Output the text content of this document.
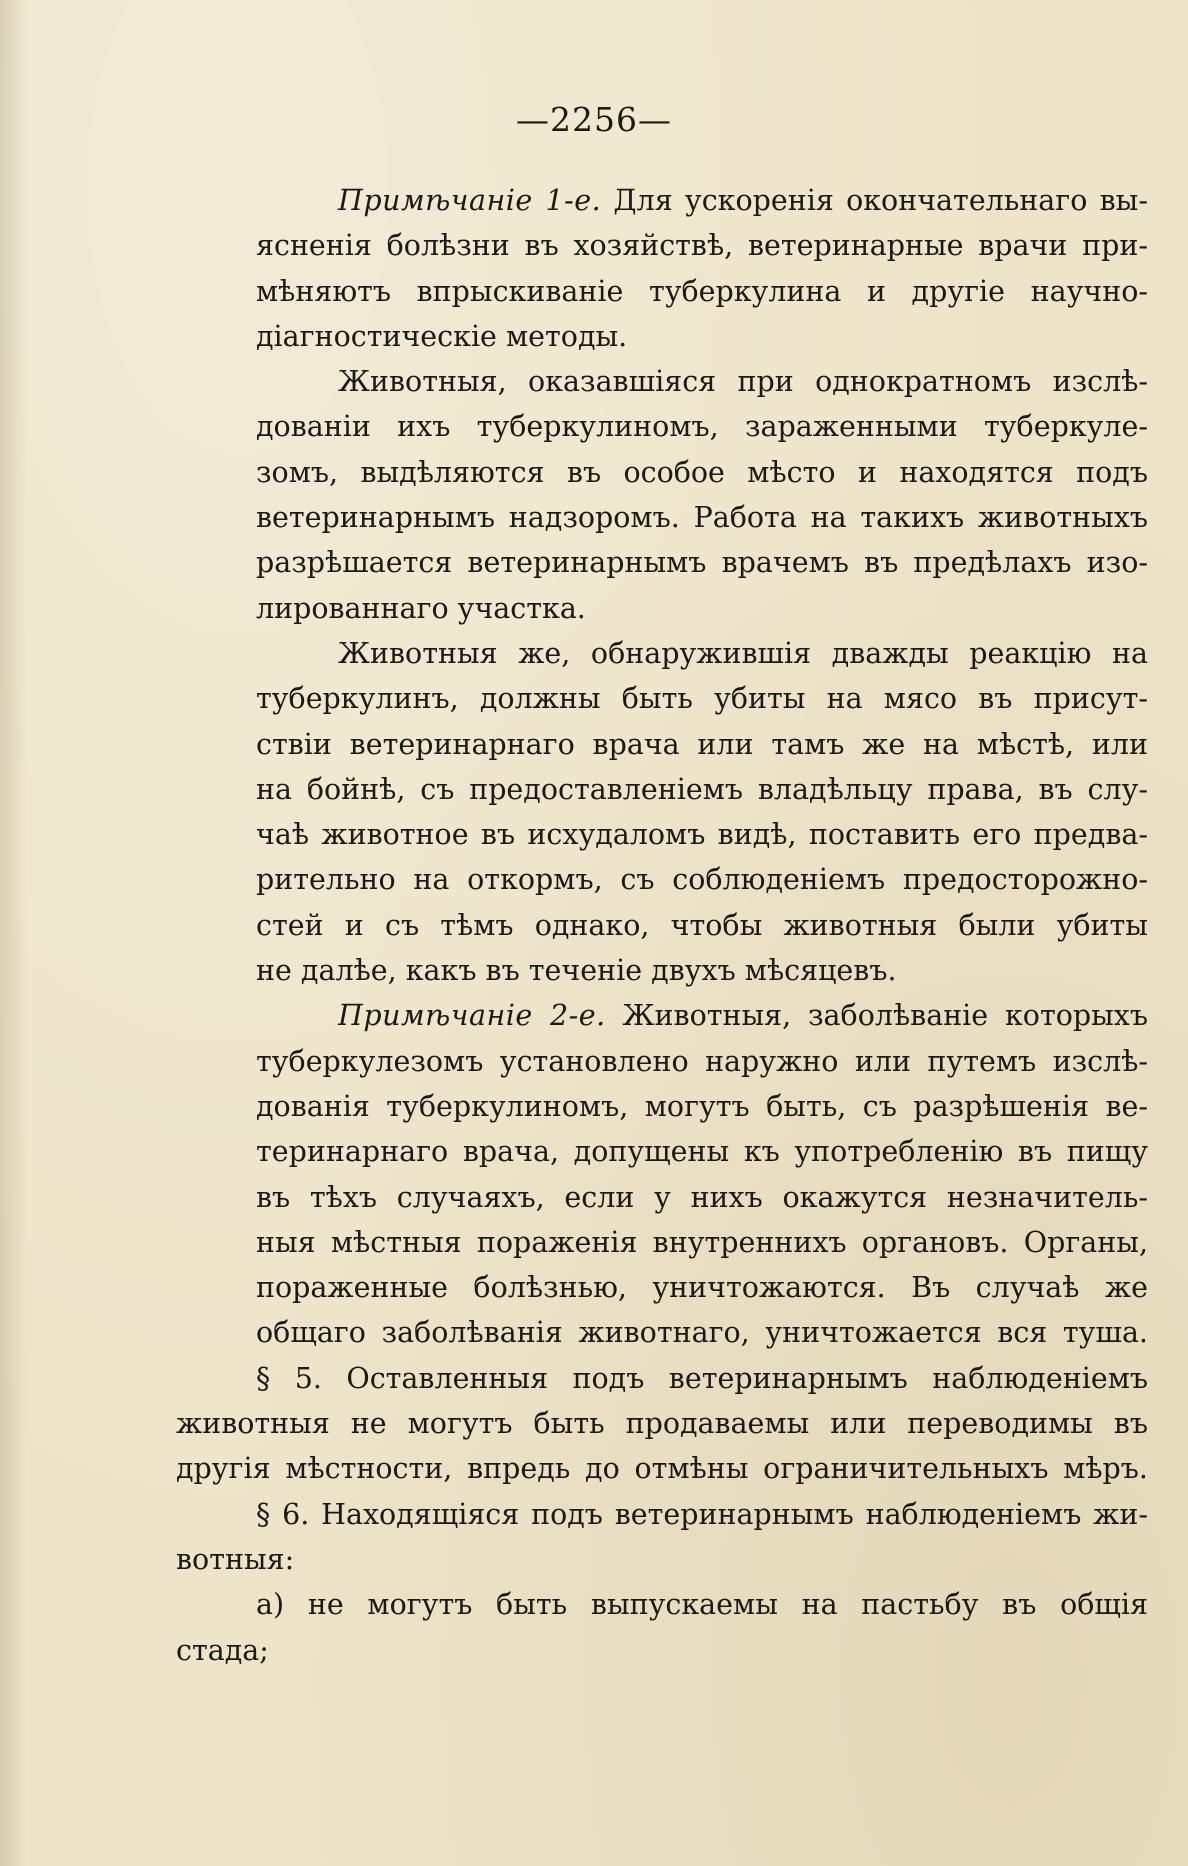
—2256—
Примѣчаніе 1-е. Для ускоренія окончательнаго вы-
ясненія болѣзни въ хозяйствѣ, ветеринарные врачи при-
мѣняютъ впрыскиваніе туберкулина и другіе научно-
діагностическіе методы.
Животныя, оказавшіяся при однократномъ изслѣ-
дованіи ихъ туберкулиномъ, зараженными туберкуле-
зомъ, выдѣляются въ особое мѣсто и находятся подъ
ветеринарнымъ надзоромъ. Работа на такихъ животныхъ
разрѣшается ветеринарнымъ врачемъ въ предѣлахъ изо-
лированнаго участка.
Животныя же, обнаружившія дважды реакцію на
туберкулинъ, должны быть убиты на мясо въ присут-
ствіи ветеринарнаго врача или тамъ же на мѣстѣ, или
на бойнѣ, съ предоставленіемъ владѣльцу права, въ слу-
чаѣ животное въ исхудаломъ видѣ, поставить его предва-
рительно на откормъ, съ соблюденіемъ предосторожно-
стей и съ тѣмъ однако, чтобы животныя были убиты
не далѣе, какъ въ теченіе двухъ мѣсяцевъ.
Примѣчаніе 2-е. Животныя, заболѣваніе которыхъ
туберкулезомъ установлено наружно или путемъ изслѣ-
дованія туберкулиномъ, могутъ быть, съ разрѣшенія ве-
теринарнаго врача, допущены къ употребленію въ пищу
въ тѣхъ случаяхъ, если у нихъ окажутся незначитель-
ныя мѣстныя пораженія внутреннихъ органовъ. Органы,
пораженные болѣзнью, уничтожаются. Въ случаѣ же
общаго заболѣванія животнаго, уничтожается вся туша.
§ 5. Оставленныя подъ ветеринарнымъ наблюденіемъ
животныя не могутъ быть продаваемы или переводимы въ
другія мѣстности, впредь до отмѣны ограничительныхъ мѣръ.
§ 6. Находящіяся подъ ветеринарнымъ наблюденіемъ жи-
вотныя:
а) не могутъ быть выпускаемы на пастьбу въ общія
стада;
